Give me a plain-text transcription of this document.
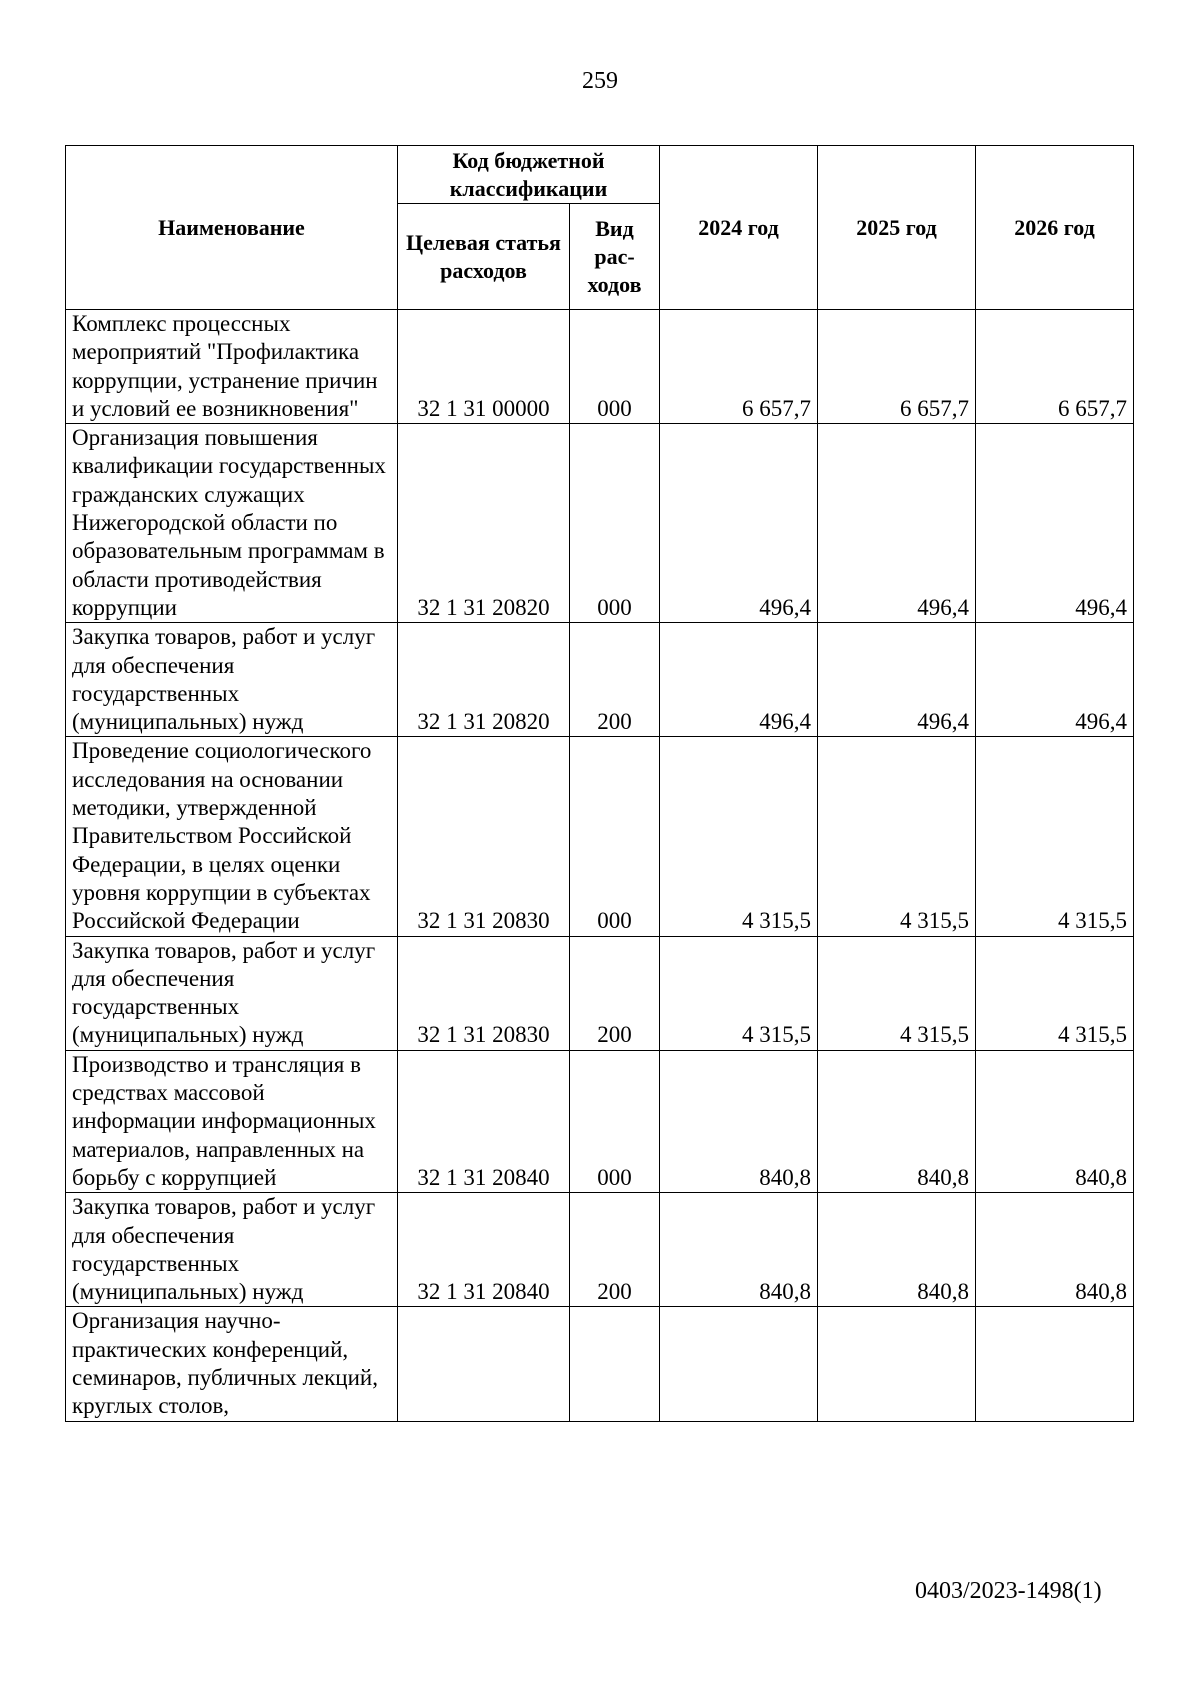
259
Наименование	Код бюджетной классификации		2024 год	2025 год	2026 год
	Целевая статья расходов	Вид рас-ходов			
Комплекс процессных мероприятий "Профилактика коррупции, устранение причин и условий ее возникновения"	32 1 31 00000	000	6 657,7	6 657,7	6 657,7
Организация повышения квалификации государственных гражданских служащих Нижегородской области по образовательным программам в области противодействия коррупции	32 1 31 20820	000	496,4	496,4	496,4
Закупка товаров, работ и услуг для обеспечения государственных (муниципальных) нужд	32 1 31 20820	200	496,4	496,4	496,4
Проведение социологического исследования на основании методики, утвержденной Правительством Российской Федерации, в целях оценки уровня коррупции в субъектах Российской Федерации	32 1 31 20830	000	4 315,5	4 315,5	4 315,5
Закупка товаров, работ и услуг для обеспечения государственных (муниципальных) нужд	32 1 31 20830	200	4 315,5	4 315,5	4 315,5
Производство и трансляция в средствах массовой информации информационных материалов, направленных на борьбу с коррупцией	32 1 31 20840	000	840,8	840,8	840,8
Закупка товаров, работ и услуг для обеспечения государственных (муниципальных) нужд	32 1 31 20840	200	840,8	840,8	840,8
Организация научно-практических конференций, семинаров, публичных лекций, круглых столов,					
0403/2023-1498(1)
